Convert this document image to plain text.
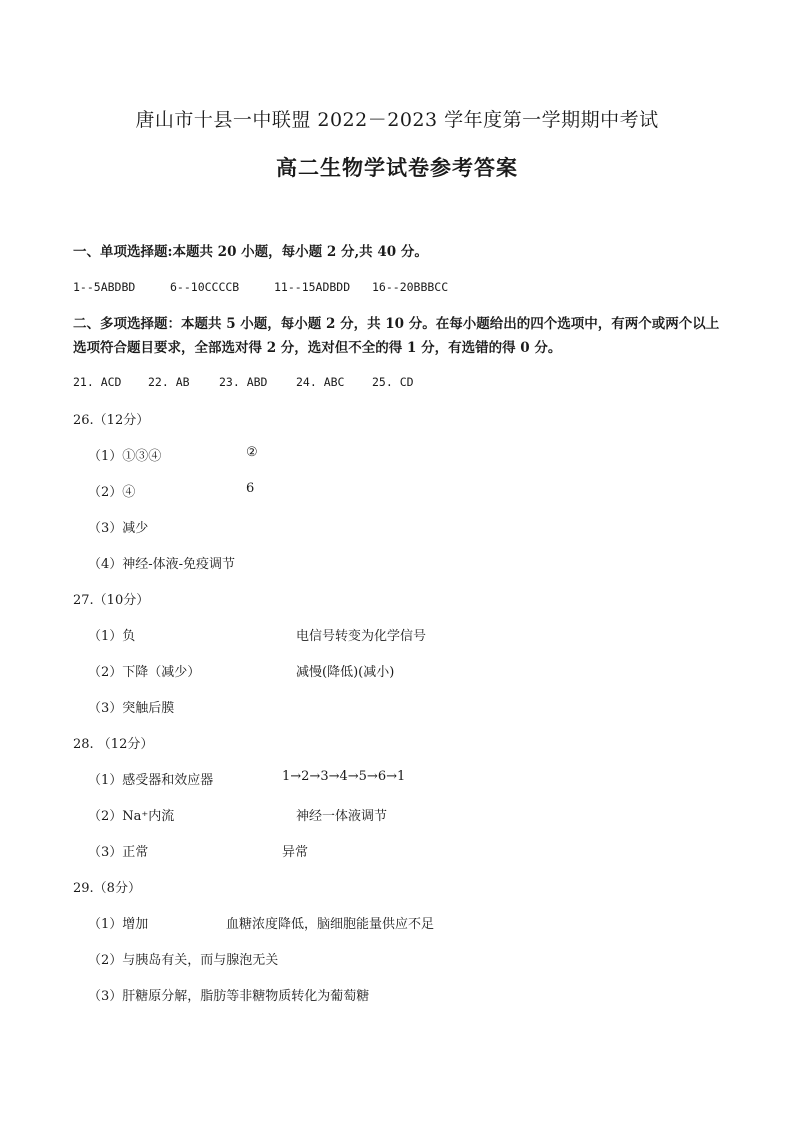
唐山市十县一中联盟 2022－2023 学年度第一学期期中考试
高二生物学试卷参考答案
一、单项选择题:本题共 20 小题，每小题 2 分,共 40 分。
1--5ABDBD	6--10CCCCB	11--15ADBDD 16--20BBBCC
二、多项选择题：本题共 5 小题，每小题 2 分，共 10 分。在每小题给出的四个选项中，有两个或两个以上选项符合题目要求，全部选对得 2 分，选对但不全的得 1 分，有选错的得 0 分。
21. ACD 22. AB	23. ABD 24. ABC 25. CD
26.（12分）
（1）①③④	②
（2）④	6
（3）减少
（4）神经-体液-免疫调节
27.（10分）
（1）负	电信号转变为化学信号
（2）下降（减少）	减慢(降低)(减小)
（3）突触后膜
28. （12分）
（1）感受器和效应器	1→2→3→4→5→6→1
（2）Na⁺内流	神经一体液调节
（3）正常	异常
29.（8分）
（1）增加	血糖浓度降低，脑细胞能量供应不足
（2）与胰岛有关，而与腺泡无关
（3）肝糖原分解，脂肪等非糖物质转化为葡萄糖
